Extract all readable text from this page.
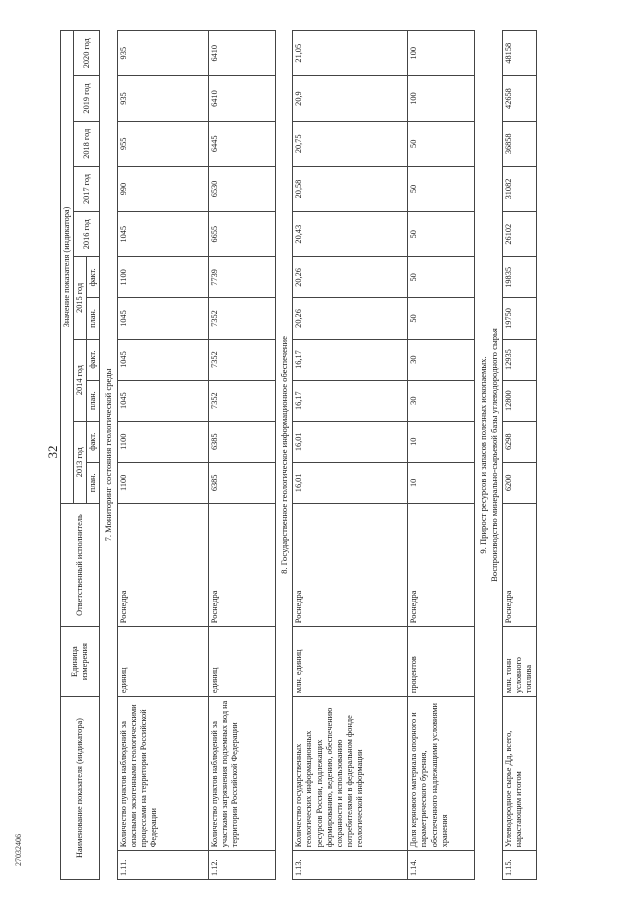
32
27032406	Наименование показателя (индикатора)		Единица измерения	Ответственный исполнитель	Значение показателя (индикатора)										
				2013 год		2014 год		2015 год		2016 год	2017 год	2018 год	2019 год	2020 год
				план.	факт.	план.	факт.	план.	факт.					
7. Мониторинг состояния геологической среды														
1.11.	Количество пунктов наблюдений за опасными экзогенными геологическими процессами на территории Российской Федерации	единиц	Роснедра	1100	1100	1045	1045	1045	1100	1045	990	955	935	935
1.12.	Количество пунктов наблюдений за участками загрязнения подземных вод на территории Российской Федерации	единиц	Роснедра	6385	6385	7352	7352	7352	7739	6655	6530	6445	6410	6410
8. Государственное геологическое информационное обеспечение														
1.13.	Количество государственных геологических информационных ресурсов России, подлежащих формированию, ведению, обеспечению сохранности и использованию потребителями в федеральном фонде геологической информации	млн. единиц	Роснедра	16,01	16,01	16,17	16,17	20,26	20,26	20,43	20,58	20,75	20,9	21,05
1.14.	Доля кернового материала опорного и параметрического бурения, обеспеченного надлежащими условиями хранения	процентов	Роснедра	10	10	30	30	50	50	50	50	50	100	100
9. Прирост ресурсов и запасов полезных ископаемых.
Воспроизводство минерально-сырьевой базы углеводородного сырья														
1.15.	Углеводородное сырье Дд, всего, нарастающим итогом	млн. тонн условного топлива	Роснедра	6200	6298	12800	12935	19750	19835	26102	31082	36858	42658	48158
